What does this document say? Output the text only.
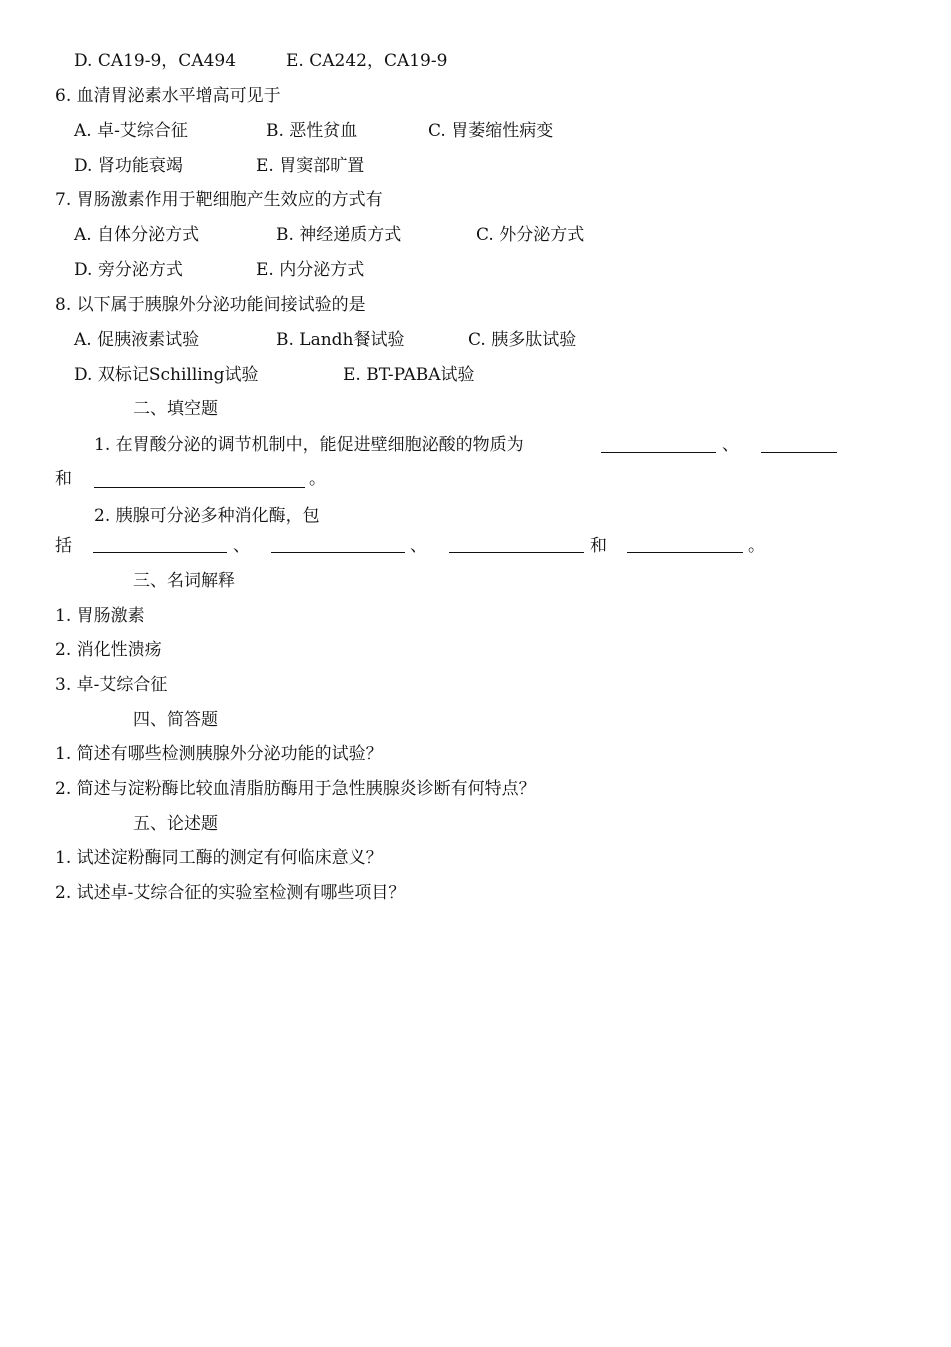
D. CA19-9，CA494	E. CA242，CA19-9
6. 血清胃泌素水平增高可见于
A. 卓-艾综合征	B. 恶性贫血	C. 胃萎缩性病变
D. 肾功能衰竭	E. 胃窦部旷置
7. 胃肠激素作用于靶细胞产生效应的方式有
A. 自体分泌方式	B. 神经递质方式	C. 外分泌方式
D. 旁分泌方式	E. 内分泌方式
8. 以下属于胰腺外分泌功能间接试验的是
A. 促胰液素试验	B. Landh餐试验	C. 胰多肽试验
D. 双标记Schilling试验	E. BT-PABA试验
二、填空题
1. 在胃酸分泌的调节机制中，能促进壁细胞泌酸的物质为	、
和	。
2. 胰腺可分泌多种消化酶，包
括	、	、	和	。
三、名词解释
1. 胃肠激素
2. 消化性溃疡
3. 卓-艾综合征
四、简答题
1. 简述有哪些检测胰腺外分泌功能的试验？
2. 简述与淀粉酶比较血清脂肪酶用于急性胰腺炎诊断有何特点？
五、论述题
1. 试述淀粉酶同工酶的测定有何临床意义？
2. 试述卓-艾综合征的实验室检测有哪些项目？
